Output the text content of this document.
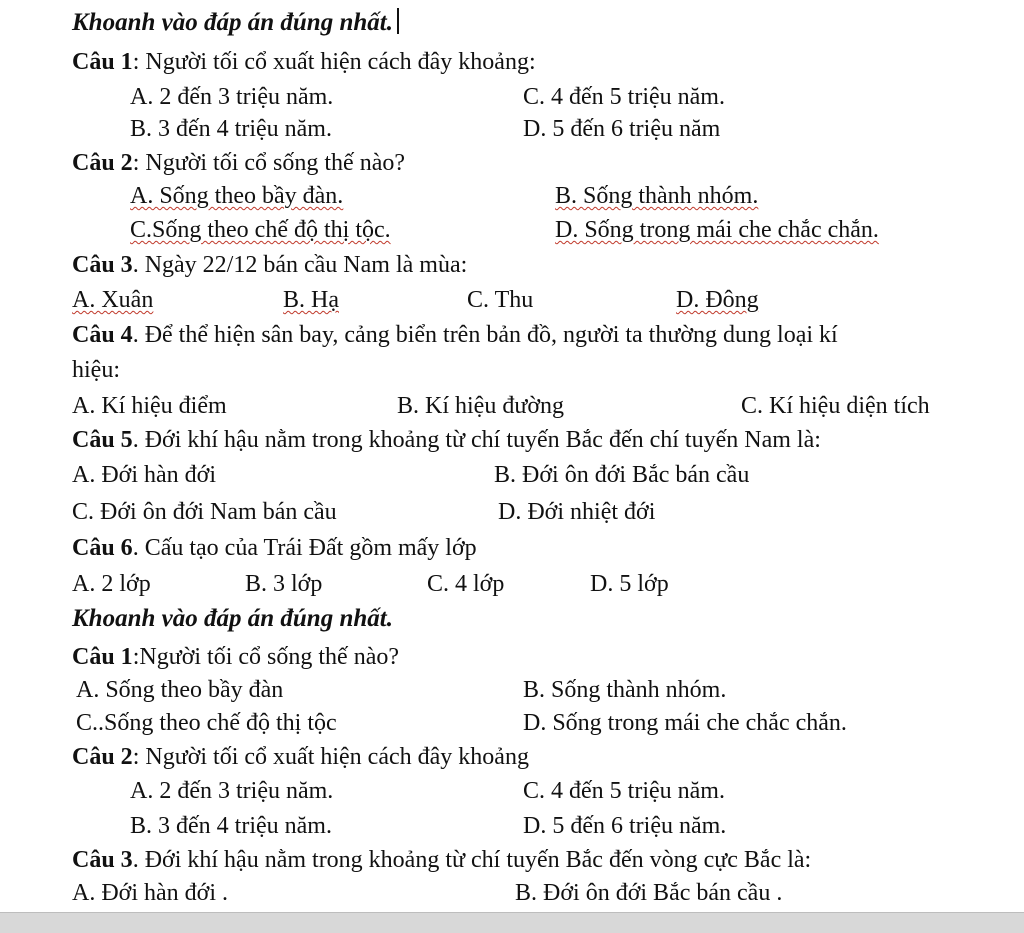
Khoanh vào đáp án đúng nhất.
Câu 1: Người tối cổ xuất hiện cách đây khoảng:
A. 2 đến 3 triệu năm.	C. 4 đến 5 triệu năm.
B. 3 đến 4 triệu năm.	D. 5 đến 6 triệu năm
Câu 2: Người tối cổ sống thế nào?
A. Sống theo bầy đàn.	B. Sống thành nhóm.
C.Sống theo chế độ thị tộc.	D. Sống trong mái che chắc chắn.
Câu 3. Ngày 22/12 bán cầu Nam là mùa:
A. Xuân	B. Hạ	C. Thu	D. Đông
Câu 4. Để thể hiện sân bay, cảng biển trên bản đồ, người ta thường dung loại kí
hiệu:
A. Kí hiệu điểm	B. Kí hiệu đường	C. Kí hiệu diện tích
Câu 5. Đới khí hậu nằm trong khoảng từ chí tuyến Bắc đến chí tuyến Nam là:
A. Đới hàn đới	B. Đới ôn đới Bắc bán cầu
C. Đới ôn đới Nam bán cầu	D. Đới nhiệt đới
Câu 6. Cấu tạo của Trái Đất gồm mấy lớp
A. 2 lớp	B. 3 lớp	C. 4 lớp	D. 5 lớp
Khoanh vào đáp án đúng nhất.
Câu 1:Người tối cổ sống thế nào?
A. Sống theo bầy đàn	B. Sống thành nhóm.
C..Sống theo chế độ thị tộc	D. Sống trong mái che chắc chắn.
Câu 2: Người tối cổ xuất hiện cách đây khoảng
A. 2 đến 3 triệu năm.	C. 4 đến 5 triệu năm.
B. 3 đến 4 triệu năm.	D. 5 đến 6 triệu năm.
Câu 3. Đới khí hậu nằm trong khoảng từ chí tuyến Bắc đến vòng cực Bắc là:
A. Đới hàn đới .	B. Đới ôn đới Bắc bán cầu .
